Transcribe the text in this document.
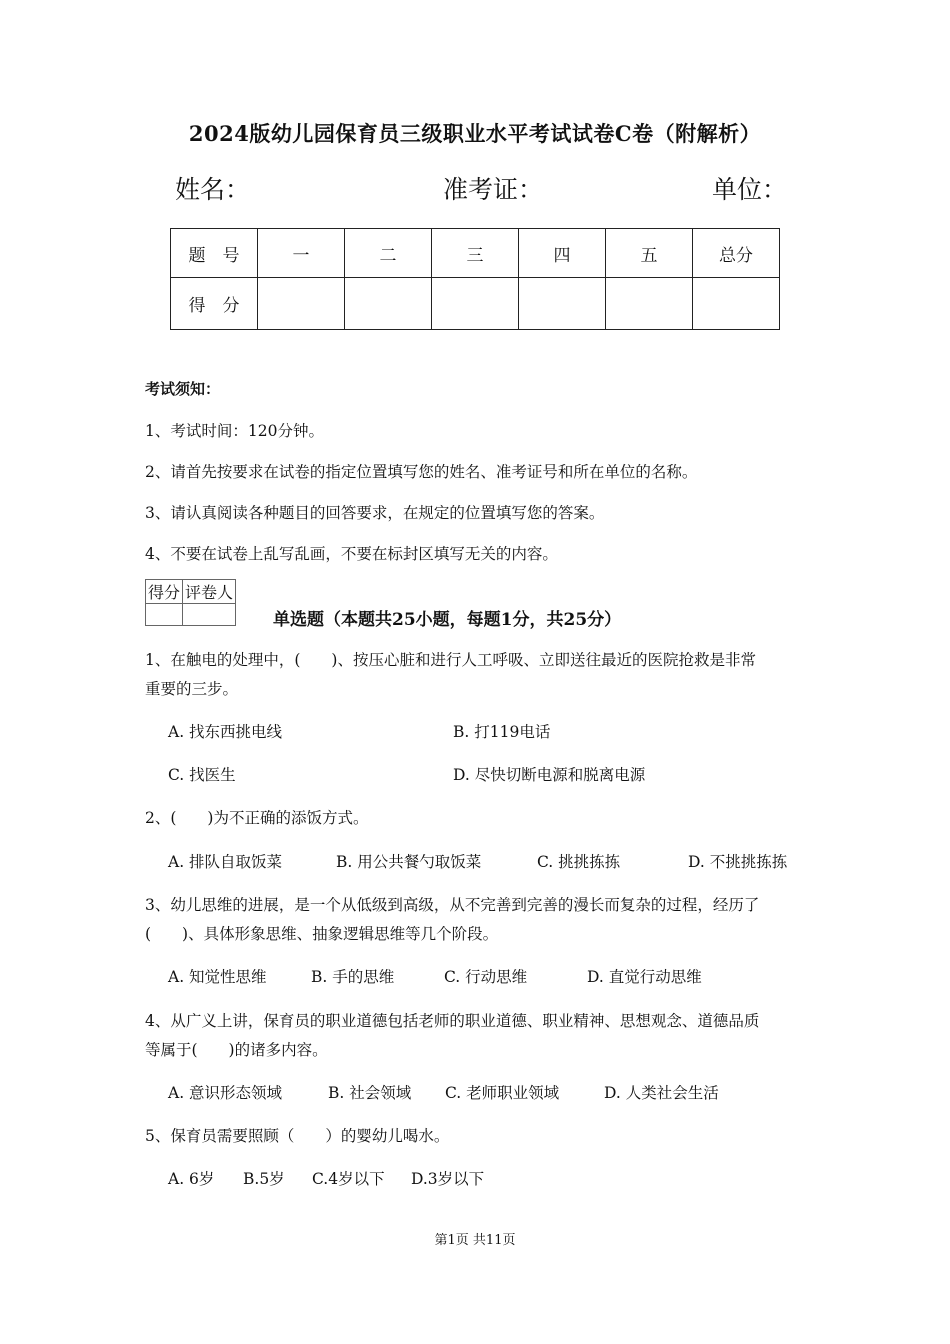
2024版幼儿园保育员三级职业水平考试试卷C卷（附解析）
姓名：	准考证：	单位：
题　号	一	二	三	四	五	总分
得　分						
考试须知：
1、考试时间：120分钟。
2、请首先按要求在试卷的指定位置填写您的姓名、准考证号和所在单位的名称。
3、请认真阅读各种题目的回答要求，在规定的位置填写您的答案。
4、不要在试卷上乱写乱画，不要在标封区填写无关的内容。
得分	评卷人

单选题（本题共25小题，每题1分，共25分）
1、在触电的处理中，(　　)、按压心脏和进行人工呼吸、立即送往最近的医院抢救是非常
重要的三步。
A. 找东西挑电线	B. 打119电话
C. 找医生	D. 尽快切断电源和脱离电源
2、(　　)为不正确的添饭方式。
A. 排队自取饭菜	B. 用公共餐勺取饭菜	C. 挑挑拣拣	D. 不挑挑拣拣
3、幼儿思维的进展，是一个从低级到高级，从不完善到完善的漫长而复杂的过程，经历了
(　　)、具体形象思维、抽象逻辑思维等几个阶段。
A. 知觉性思维	B. 手的思维	C. 行动思维	D. 直觉行动思维
4、从广义上讲，保育员的职业道德包括老师的职业道德、职业精神、思想观念、道德品质
等属于(　　)的诸多内容。
A. 意识形态领域	B. 社会领域 C. 老师职业领域	D. 人类社会生活
5、保育员需要照顾（　　）的婴幼儿喝水。
A. 6岁 B.5岁 C.4岁以下 D.3岁以下
第1页 共11页
